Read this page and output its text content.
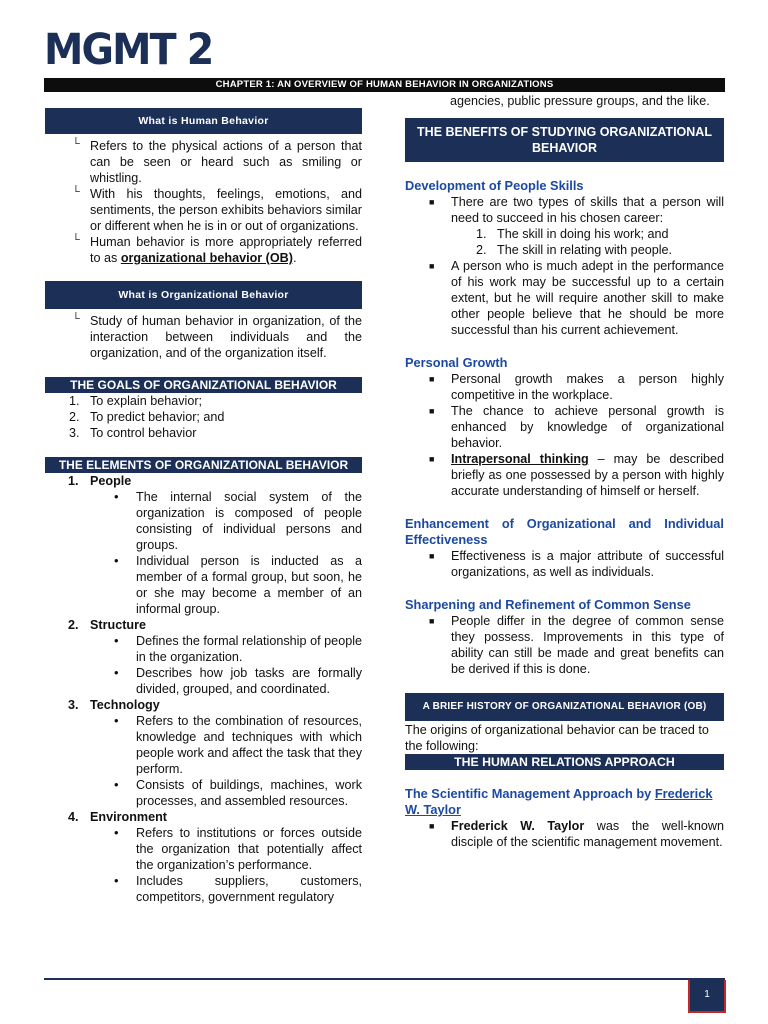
MGMT 2
CHAPTER 1: AN OVERVIEW OF HUMAN BEHAVIOR IN ORGANIZATIONS
What is Human Behavior
└ Refers to the physical actions of a person that can be seen or heard such as smiling or whistling.
└ With his thoughts, feelings, emotions, and sentiments, the person exhibits behaviors similar or different when he is in or out of organizations.
└ Human behavior is more appropriately referred to as organizational behavior (OB).
What is Organizational Behavior
└ Study of human behavior in organization, of the interaction between individuals and the organization, and of the organization itself.
THE GOALS OF ORGANIZATIONAL BEHAVIOR
1. To explain behavior;
2. To predict behavior; and
3. To control behavior
THE ELEMENTS OF ORGANIZATIONAL BEHAVIOR
1. People
• The internal social system of the organization is composed of people consisting of individual persons and groups.
• Individual person is inducted as a member of a formal group, but soon, he or she may become a member of an informal group.
2. Structure
• Defines the formal relationship of people in the organization.
• Describes how job tasks are formally divided, grouped, and coordinated.
3. Technology
• Refers to the combination of resources, knowledge and techniques with which people work and affect the task that they perform.
• Consists of buildings, machines, work processes, and assembled resources.
4. Environment
• Refers to institutions or forces outside the organization that potentially affect the organization’s performance.
• Includes suppliers, customers, competitors, government regulatory
agencies, public pressure groups, and the like.
THE BENEFITS OF STUDYING ORGANIZATIONAL BEHAVIOR

Development of People Skills

■ There are two types of skills that a person will need to succeed in his chosen career:
1. The skill in doing his work; and
2. The skill in relating with people.
■ A person who is much adept in the performance of his work may be successful up to a certain extent, but he will require another skill to make other people believe that he should be more successful than his current achievement.

Personal Growth

■ Personal growth makes a person highly competitive in the workplace.
■ The chance to achieve personal growth is enhanced by knowledge of organizational behavior.
■ Intrapersonal thinking – may be described briefly as one possessed by a person with highly accurate understanding of himself or herself.

Enhancement of Organizational and Individual Effectiveness

■ Effectiveness is a major attribute of successful organizations, as well as individuals.

Sharpening and Refinement of Common Sense

■ People differ in the degree of common sense they possess. Improvements in this type of ability can still be made and great benefits can be derived if this is done.
A BRIEF HISTORY OF ORGANIZATIONAL BEHAVIOR (OB)
The origins of organizational behavior can be traced to the following:
THE HUMAN RELATIONS APPROACH

The Scientific Management Approach by Frederick W. Taylor

■ Frederick W. Taylor was the well-known disciple of the scientific management movement.
1
